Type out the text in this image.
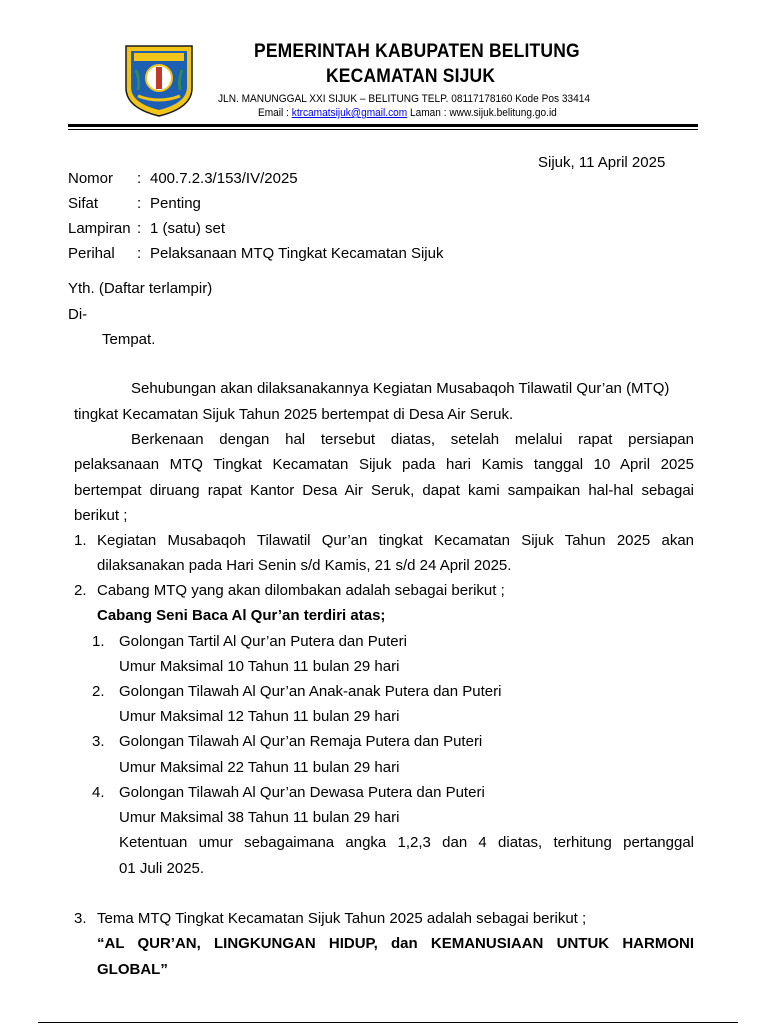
PEMERINTAH KABUPATEN BELITUNG
KECAMATAN SIJUK
JLN. MANUNGGAL XXI SIJUK – BELITUNG TELP. 08117178160 Kode Pos 33414
Email : ktrcamatsijuk@gmail.com Laman : www.sijuk.belitung.go.id
Sijuk, 11 April 2025
Nomor : 400.7.2.3/153/IV/2025
Sifat	: Penting
Lampiran : 1 (satu) set
Perihal : Pelaksanaan MTQ Tingkat Kecamatan Sijuk
Yth. (Daftar terlampir)
Di-
Tempat.
Sehubungan akan dilaksanakannya Kegiatan Musabaqoh Tilawatil Qur’an (MTQ)
tingkat Kecamatan Sijuk Tahun 2025 bertempat di Desa Air Seruk.
Berkenaan dengan hal tersebut diatas, setelah melalui rapat persiapan
pelaksanaan MTQ Tingkat Kecamatan Sijuk pada hari Kamis tanggal 10 April 2025
bertempat diruang rapat Kantor Desa Air Seruk, dapat kami sampaikan hal-hal sebagai
berikut ;
1. Kegiatan Musabaqoh Tilawatil Qur’an tingkat Kecamatan Sijuk Tahun 2025 akan
dilaksanakan pada Hari Senin s/d Kamis, 21 s/d 24 April 2025.
2. Cabang MTQ yang akan dilombakan adalah sebagai berikut ;
Cabang Seni Baca Al Qur’an terdiri atas;
1. Golongan Tartil Al Qur’an Putera dan Puteri
Umur Maksimal 10 Tahun 11 bulan 29 hari
2. Golongan Tilawah Al Qur’an Anak-anak Putera dan Puteri
Umur Maksimal 12 Tahun 11 bulan 29 hari
3. Golongan Tilawah Al Qur’an Remaja Putera dan Puteri
Umur Maksimal 22 Tahun 11 bulan 29 hari
4. Golongan Tilawah Al Qur’an Dewasa Putera dan Puteri
Umur Maksimal 38 Tahun 11 bulan 29 hari
Ketentuan umur sebagaimana angka 1,2,3 dan 4 diatas, terhitung pertanggal
01 Juli 2025.
3. Tema MTQ Tingkat Kecamatan Sijuk Tahun 2025 adalah sebagai berikut ;
“AL QUR’AN, LINGKUNGAN HIDUP, dan KEMANUSIAAN UNTUK HARMONI
GLOBAL”
